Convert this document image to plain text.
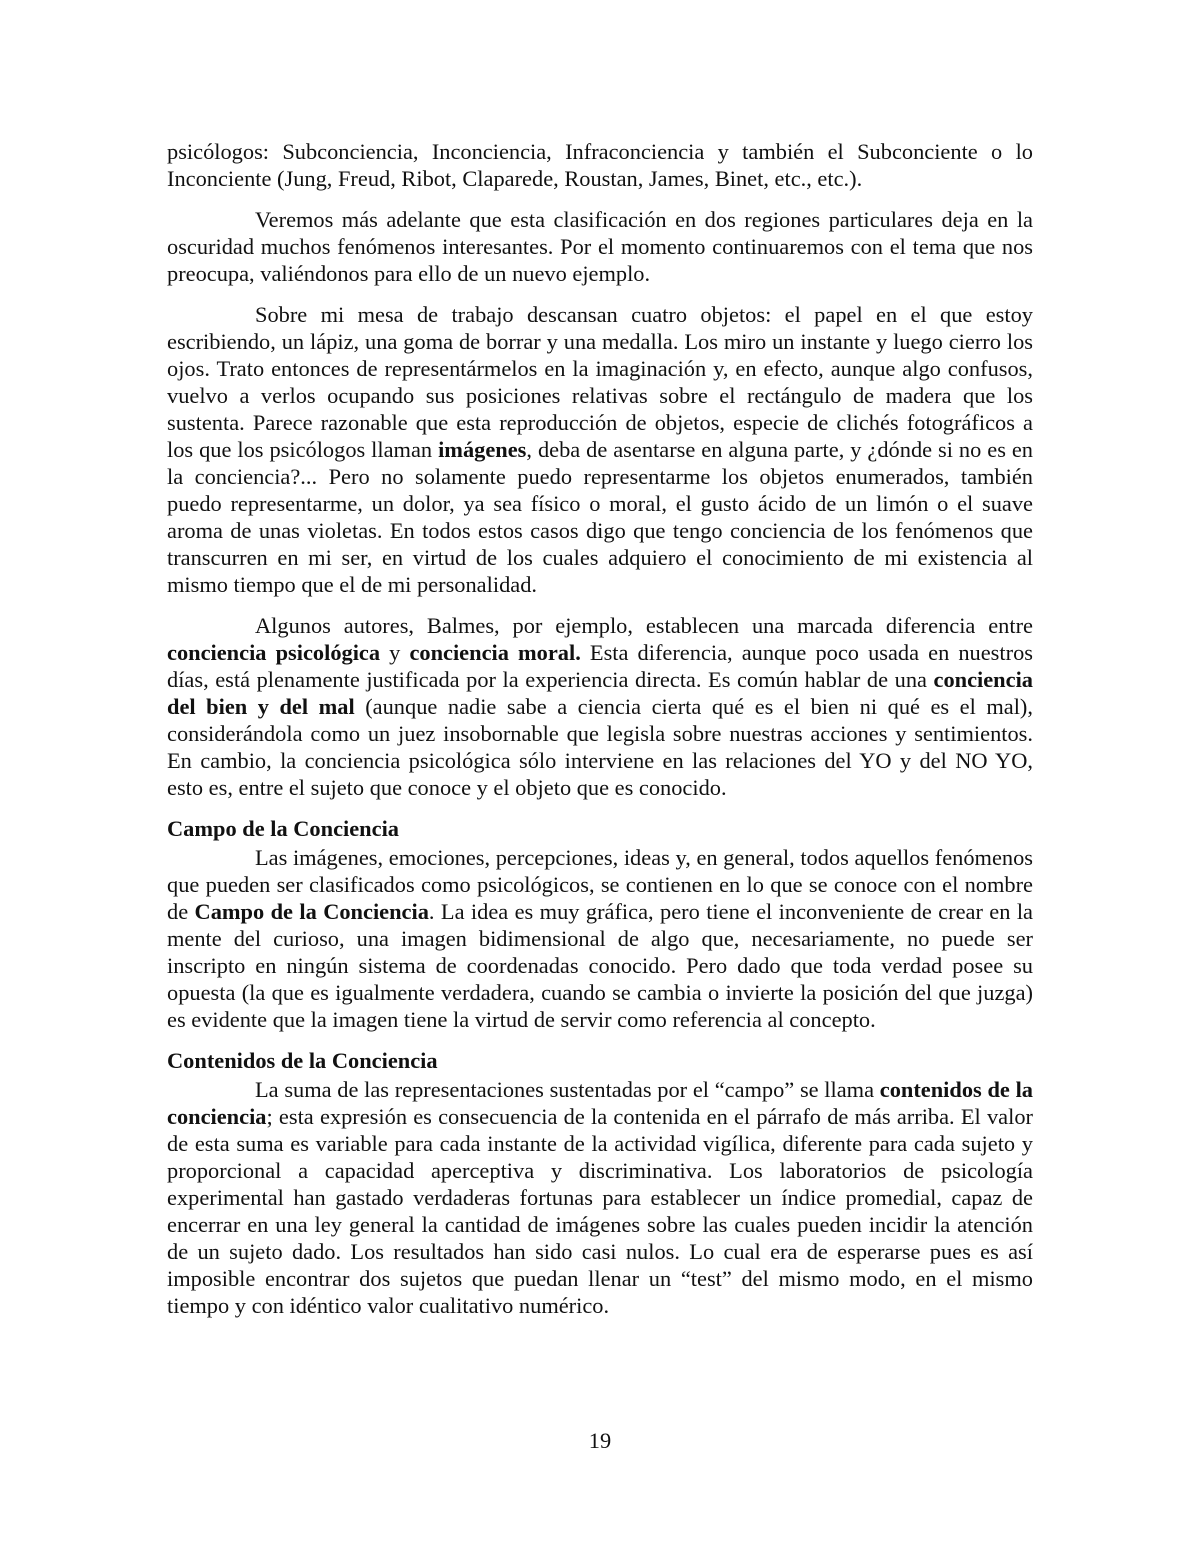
psicólogos: Subconciencia, Inconciencia, Infraconciencia y también el Subconciente o lo Inconciente (Jung, Freud, Ribot, Claparede, Roustan, James, Binet, etc., etc.).

Veremos más adelante que esta clasificación en dos regiones particulares deja en la oscuridad muchos fenómenos interesantes. Por el momento continuaremos con el tema que nos preocupa, valiéndonos para ello de un nuevo ejemplo.

Sobre mi mesa de trabajo descansan cuatro objetos: el papel en el que estoy escribiendo, un lápiz, una goma de borrar y una medalla. Los miro un instante y luego cierro los ojos. Trato entonces de representármelos en la imaginación y, en efecto, aunque algo confusos, vuelvo a verlos ocupando sus posiciones relativas sobre el rectángulo de madera que los sustenta. Parece razonable que esta reproducción de objetos, especie de clichés fotográficos a los que los psicólogos llaman imágenes, deba de asentarse en alguna parte, y ¿dónde si no es en la conciencia?... Pero no solamente puedo representarme los objetos enumerados, también puedo representarme, un dolor, ya sea físico o moral, el gusto ácido de un limón o el suave aroma de unas violetas. En todos estos casos digo que tengo conciencia de los fenómenos que transcurren en mi ser, en virtud de los cuales adquiero el conocimiento de mi existencia al mismo tiempo que el de mi personalidad.

Algunos autores, Balmes, por ejemplo, establecen una marcada diferencia entre conciencia psicológica y conciencia moral. Esta diferencia, aunque poco usada en nuestros días, está plenamente justificada por la experiencia directa. Es común hablar de una conciencia del bien y del mal (aunque nadie sabe a ciencia cierta qué es el bien ni qué es el mal), considerándola como un juez insobornable que legisla sobre nuestras acciones y sentimientos. En cambio, la conciencia psicológica sólo interviene en las relaciones del YO y del NO YO, esto es, entre el sujeto que conoce y el objeto que es conocido.

Campo de la Conciencia

Las imágenes, emociones, percepciones, ideas y, en general, todos aquellos fenómenos que pueden ser clasificados como psicológicos, se contienen en lo que se conoce con el nombre de Campo de la Conciencia. La idea es muy gráfica, pero tiene el inconveniente de crear en la mente del curioso, una imagen bidimensional de algo que, necesariamente, no puede ser inscripto en ningún sistema de coordenadas conocido. Pero dado que toda verdad posee su opuesta (la que es igualmente verdadera, cuando se cambia o invierte la posición del que juzga) es evidente que la imagen tiene la virtud de servir como referencia al concepto.

Contenidos de la Conciencia

La suma de las representaciones sustentadas por el “campo” se llama contenidos de la conciencia; esta expresión es consecuencia de la contenida en el párrafo de más arriba. El valor de esta suma es variable para cada instante de la actividad vigílica, diferente para cada sujeto y proporcional a capacidad aperceptiva y discriminativa. Los laboratorios de psicología experimental han gastado verdaderas fortunas para establecer un índice promedial, capaz de encerrar en una ley general la cantidad de imágenes sobre las cuales pueden incidir la atención de un sujeto dado. Los resultados han sido casi nulos. Lo cual era de esperarse pues es así imposible encontrar dos sujetos que puedan llenar un “test” del mismo modo, en el mismo tiempo y con idéntico valor cualitativo numérico.

19
